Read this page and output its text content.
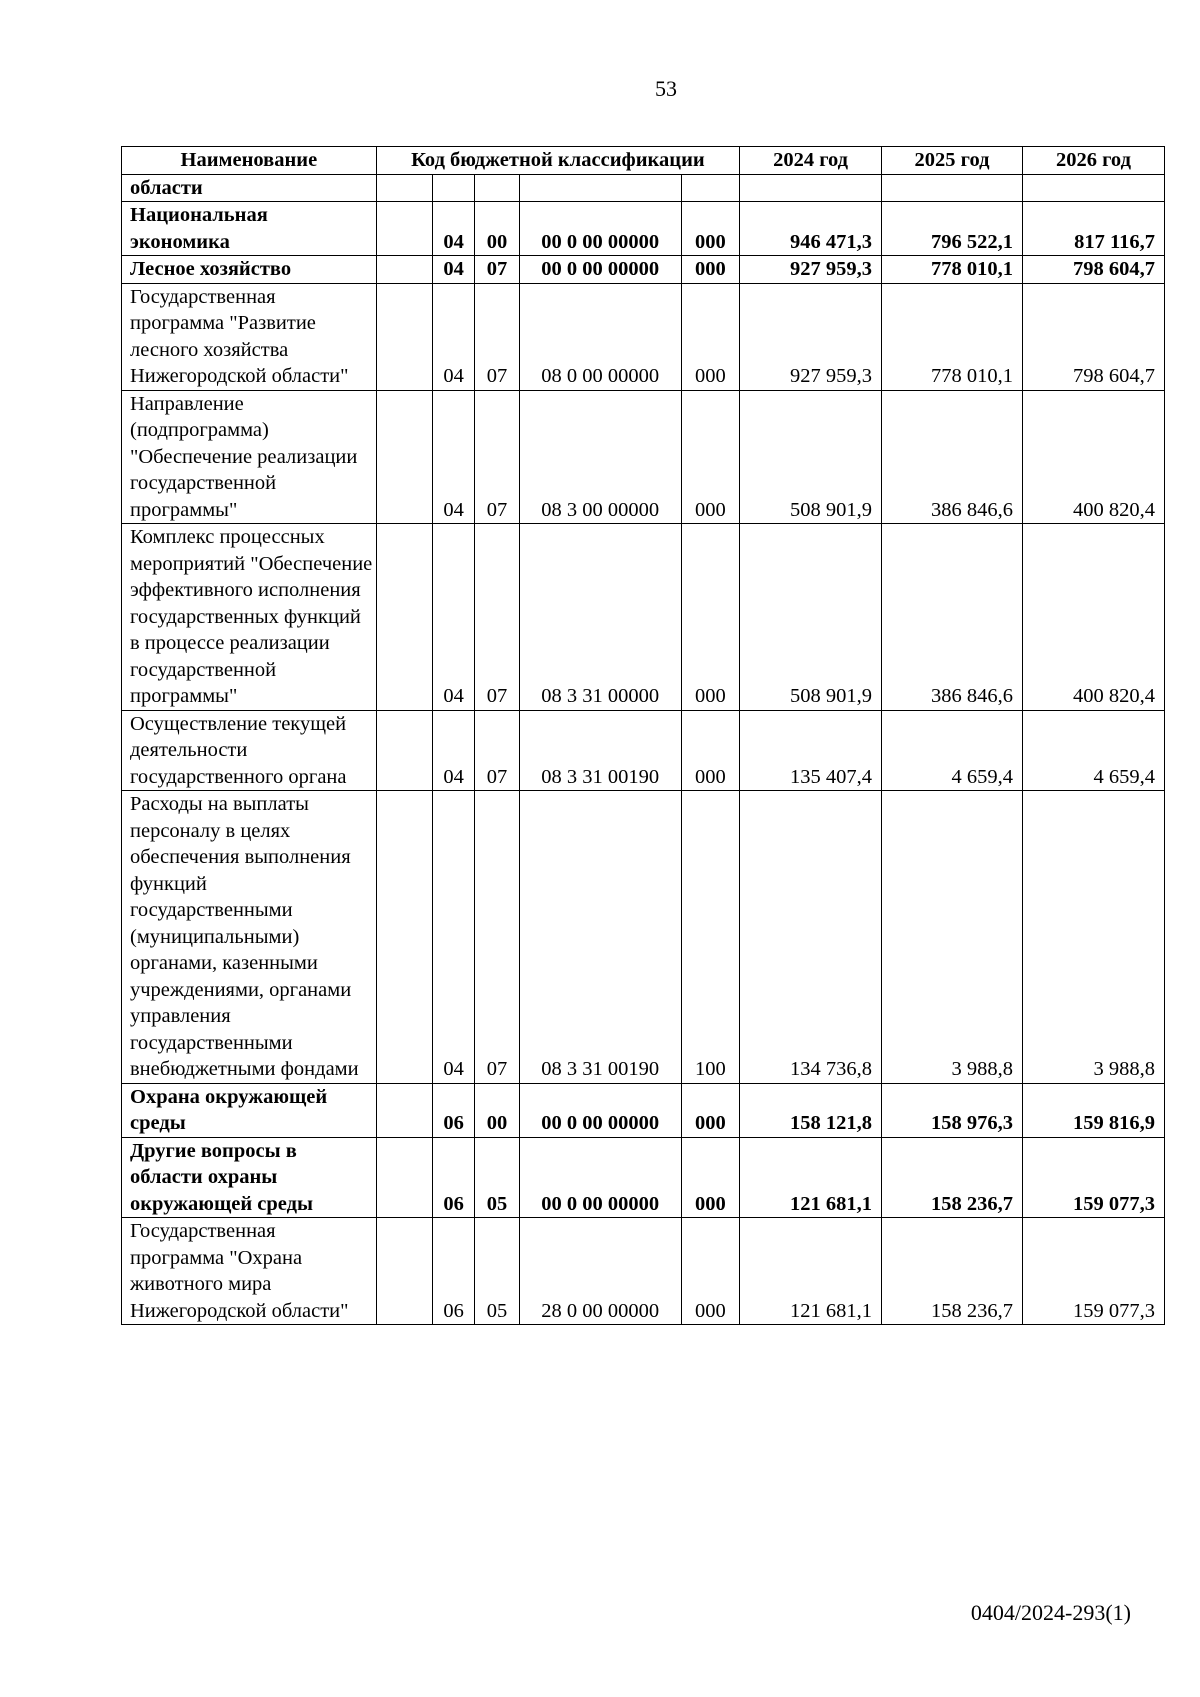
53
Наименование	Код бюджетной классификации					2024 год	2025 год	2026 год
области								
Национальная экономика		04	00	00 0 00 00000	000	946 471,3	796 522,1	817 116,7
Лесное хозяйство		04	07	00 0 00 00000	000	927 959,3	778 010,1	798 604,7
Государственная программа "Развитие лесного хозяйства Нижегородской области"		04	07	08 0 00 00000	000	927 959,3	778 010,1	798 604,7
Направление (подпрограмма) "Обеспечение реализации государственной программы"		04	07	08 3 00 00000	000	508 901,9	386 846,6	400 820,4
Комплекс процессных мероприятий "Обеспечение эффективного исполнения государственных функций в процессе реализации государственной программы"		04	07	08 3 31 00000	000	508 901,9	386 846,6	400 820,4
Осуществление текущей деятельности государственного органа		04	07	08 3 31 00190	000	135 407,4	4 659,4	4 659,4
Расходы на выплаты персоналу в целях обеспечения выполнения функций государственными (муниципальными) органами, казенными учреждениями, органами управления государственными внебюджетными фондами		04	07	08 3 31 00190	100	134 736,8	3 988,8	3 988,8
Охрана окружающей среды		06	00	00 0 00 00000	000	158 121,8	158 976,3	159 816,9
Другие вопросы в области охраны окружающей среды		06	05	00 0 00 00000	000	121 681,1	158 236,7	159 077,3
Государственная программа "Охрана животного мира Нижегородской области"		06	05	28 0 00 00000	000	121 681,1	158 236,7	159 077,3
0404/2024-293(1)
